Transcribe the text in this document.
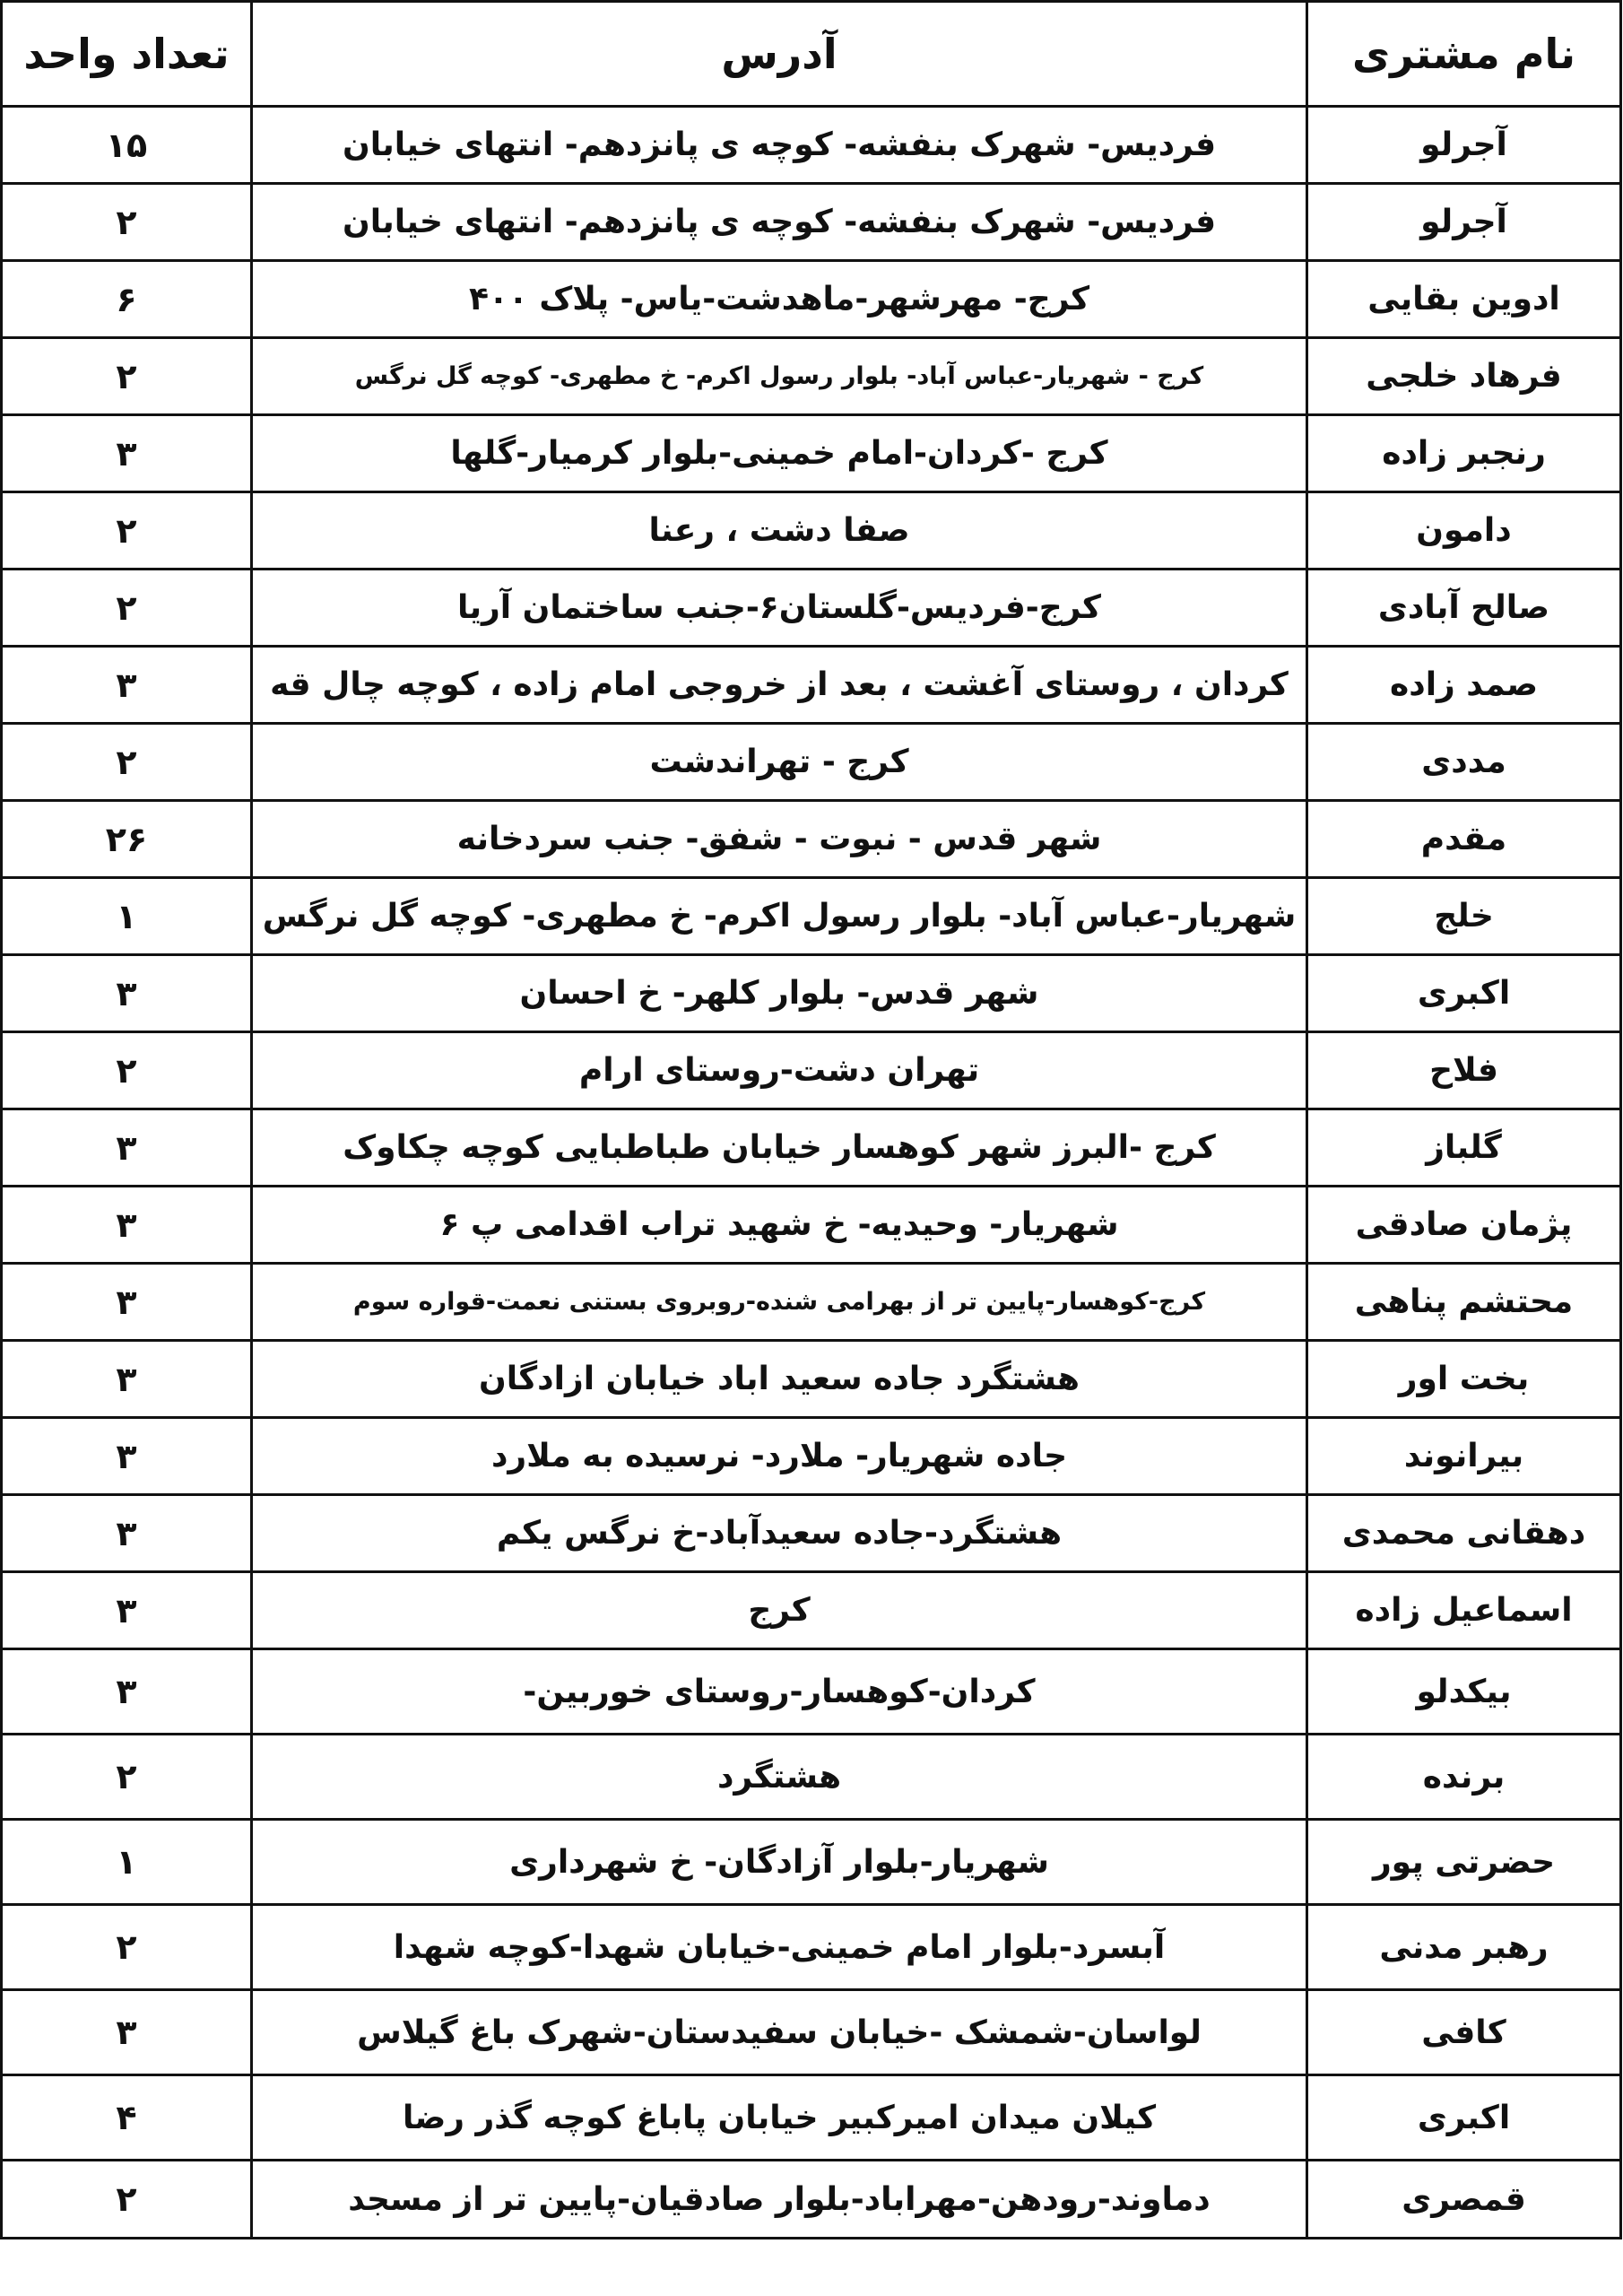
نام مشتری	آدرس	تعداد واحد
آجرلو	فردیس- شهرک بنفشه- کوچه ی پانزدهم- انتهای خیابان	۱۵
آجرلو	فردیس- شهرک بنفشه- کوچه ی پانزدهم- انتهای خیابان	۲
ادوین بقایی	کرج- مهرشهر-ماهدشت-یاس- پلاک ۴۰۰	۶
فرهاد خلجی	کرج - شهریار-عباس آباد- بلوار رسول اکرم- خ مطهری- کوچه گل نرگس	۲
رنجبر زاده	کرج -کردان-امام خمینی-بلوار کرمیار-گلها	۳
دامون	صفا دشت ، رعنا	۲
صالح آبادی	کرج-فردیس-گلستان۶-جنب ساختمان آریا	۲
صمد زاده	کردان ، روستای آغشت ، بعد از خروجی امام زاده ، کوچه چال قه	۳
مددی	کرج - تهراندشت	۲
مقدم	شهر قدس - نبوت - شفق- جنب سردخانه	۲۶
خلج	شهریار-عباس آباد- بلوار رسول اکرم- خ مطهری- کوچه گل نرگس	۱
اکبری	شهر قدس- بلوار کلهر- خ احسان	۳
فلاح	تهران دشت-روستای ارام	۲
گلباز	کرج -البرز شهر کوهسار خیابان طباطبایی کوچه چکاوک	۳
پژمان صادقی	شهریار- وحیدیه- خ شهید تراب اقدامی پ ۶	۳
محتشم پناهی	کرج-کوهسار-پایین تر از بهرامی شنده-روبروی بستنی نعمت-قواره سوم	۳
بخت اور	هشتگرد جاده سعید اباد خیابان ازادگان	۳
بیرانوند	جاده شهریار- ملارد- نرسیده به ملارد	۳
دهقانی محمدی	هشتگرد-جاده سعیدآباد-خ نرگس یکم	۳
اسماعیل زاده	کرج	۳
بیکدلو	کردان-کوهسار-روستای خوربین-	۳
برنده	هشتگرد	۲
حضرتی پور	شهریار-بلوار آزادگان- خ شهرداری	۱
رهبر مدنی	آبسرد-بلوار امام خمینی-خیابان شهدا-کوچه شهدا	۲
کافی	لواسان-شمشک -خیابان سفیدستان-شهرک باغ گیلاس	۳
اکبری	کیلان میدان امیرکبیر خیابان پاباغ کوچه گذر رضا	۴
قمصری	دماوند-رودهن-مهراباد-بلوار صادقیان-پایین تر از مسجد	۲
